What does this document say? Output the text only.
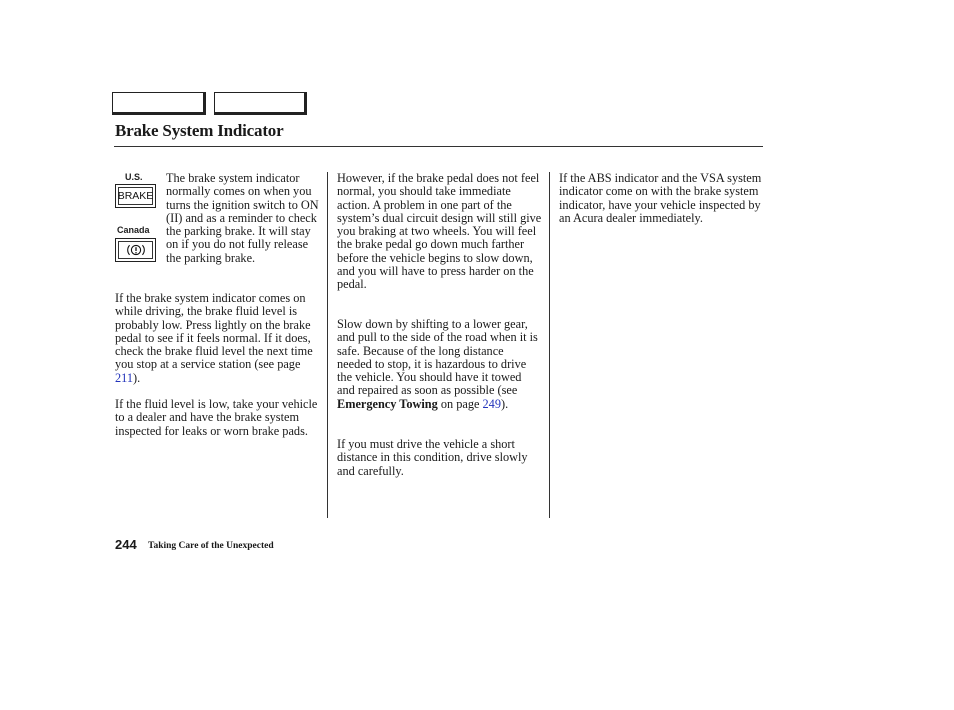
Brake System Indicator
U.S.
BRAKE
Canada

The brake system indicator normally comes on when you turns the ignition switch to ON (II) and as a reminder to check the parking brake. It will stay on if you do not fully release the parking brake.

If the brake system indicator comes on while driving, the brake fluid level is probably low. Press lightly on the brake pedal to see if it feels normal. If it does, check the brake fluid level the next time you stop at a service station (see page 211).

If the fluid level is low, take your vehicle to a dealer and have the brake system inspected for leaks or worn brake pads.

However, if the brake pedal does not feel normal, you should take immediate action. A problem in one part of the system’s dual circuit design will still give you braking at two wheels. You will feel the brake pedal go down much farther before the vehicle begins to slow down, and you will have to press harder on the pedal.

Slow down by shifting to a lower gear, and pull to the side of the road when it is safe. Because of the long distance needed to stop, it is hazardous to drive the vehicle. You should have it towed and repaired as soon as possible (see Emergency Towing on page 249).

If you must drive the vehicle a short distance in this condition, drive slowly and carefully.

If the ABS indicator and the VSA system indicator come on with the brake system indicator, have your vehicle inspected by an Acura dealer immediately.

244 Taking Care of the Unexpected
